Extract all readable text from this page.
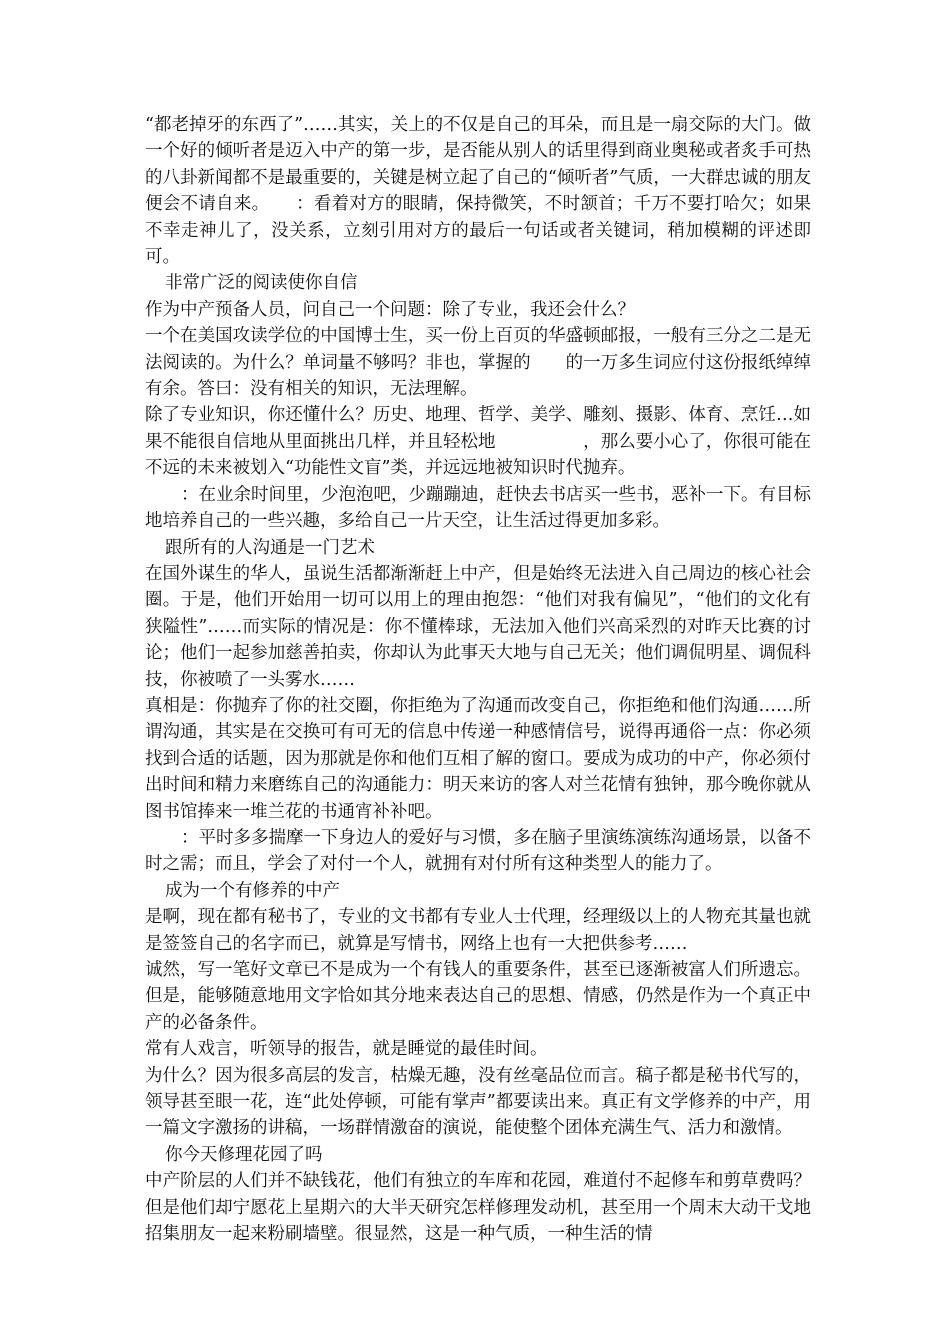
“都老掉牙的东西了”……其实，关上的不仅是自己的耳朵，而且是一扇交际的大门。做一个好的倾听者是迈入中产的第一步，是否能从别人的话里得到商业奥秘或者炙手可热的八卦新闻都不是最重要的，关键是树立起了自己的“倾听者”气质，一大群忠诚的朋友便会不请自来。　　：看着对方的眼睛，保持微笑，不时颔首；千万不要打哈欠；如果不幸走神儿了，没关系，立刻引用对方的最后一句话或者关键词，稍加模糊的评述即可。

非常广泛的阅读使你自信

作为中产预备人员，问自己一个问题：除了专业，我还会什么？

一个在美国攻读学位的中国博士生，买一份上百页的华盛顿邮报，一般有三分之二是无法阅读的。为什么？单词量不够吗？非也，掌握的　　的一万多生词应付这份报纸绰绰有余。答曰：没有相关的知识，无法理解。

除了专业知识，你还懂什么？历史、地理、哲学、美学、雕刻、摄影、体育、烹饪…如果不能很自信地从里面挑出几样，并且轻松地　　　　　，那么要小心了，你很可能在不远的未来被划入“功能性文盲”类，并远远地被知识时代抛弃。

：在业余时间里，少泡泡吧，少蹦蹦迪，赶快去书店买一些书，恶补一下。有目标地培养自己的一些兴趣，多给自己一片天空，让生活过得更加多彩。

跟所有的人沟通是一门艺术

在国外谋生的华人，虽说生活都渐渐赶上中产，但是始终无法进入自己周边的核心社会圈。于是，他们开始用一切可以用上的理由抱怨：“他们对我有偏见”，“他们的文化有狭隘性”……而实际的情况是：你不懂棒球，无法加入他们兴高采烈的对昨天比赛的讨论；他们一起参加慈善拍卖，你却认为此事天大地与自己无关；他们调侃明星、调侃科技，你被喷了一头雾水……

真相是：你抛弃了你的社交圈，你拒绝为了沟通而改变自己，你拒绝和他们沟通……所谓沟通，其实是在交换可有可无的信息中传递一种感情信号，说得再通俗一点：你必须找到合适的话题，因为那就是你和他们互相了解的窗口。要成为成功的中产，你必须付出时间和精力来磨练自己的沟通能力：明天来访的客人对兰花情有独钟，那今晚你就从图书馆捧来一堆兰花的书通宵补补吧。

：平时多多揣摩一下身边人的爱好与习惯，多在脑子里演练演练沟通场景，以备不时之需；而且，学会了对付一个人，就拥有对付所有这种类型人的能力了。

成为一个有修养的中产

是啊，现在都有秘书了，专业的文书都有专业人士代理，经理级以上的人物充其量也就是签签自己的名字而已，就算是写情书，网络上也有一大把供参考……

诚然，写一笔好文章已不是成为一个有钱人的重要条件，甚至已逐渐被富人们所遗忘。但是，能够随意地用文字恰如其分地来表达自己的思想、情感，仍然是作为一个真正中产的必备条件。

常有人戏言，听领导的报告，就是睡觉的最佳时间。

为什么？因为很多高层的发言，枯燥无趣，没有丝毫品位而言。稿子都是秘书代写的，领导甚至眼一花，连“此处停顿，可能有掌声”都要读出来。真正有文学修养的中产，用一篇文字激扬的讲稿，一场群情激奋的演说，能使整个团体充满生气、活力和激情。

你今天修理花园了吗

中产阶层的人们并不缺钱花，他们有独立的车库和花园，难道付不起修车和剪草费吗？但是他们却宁愿花上星期六的大半天研究怎样修理发动机，甚至用一个周末大动干戈地招集朋友一起来粉刷墙壁。很显然，这是一种气质，一种生活的情
